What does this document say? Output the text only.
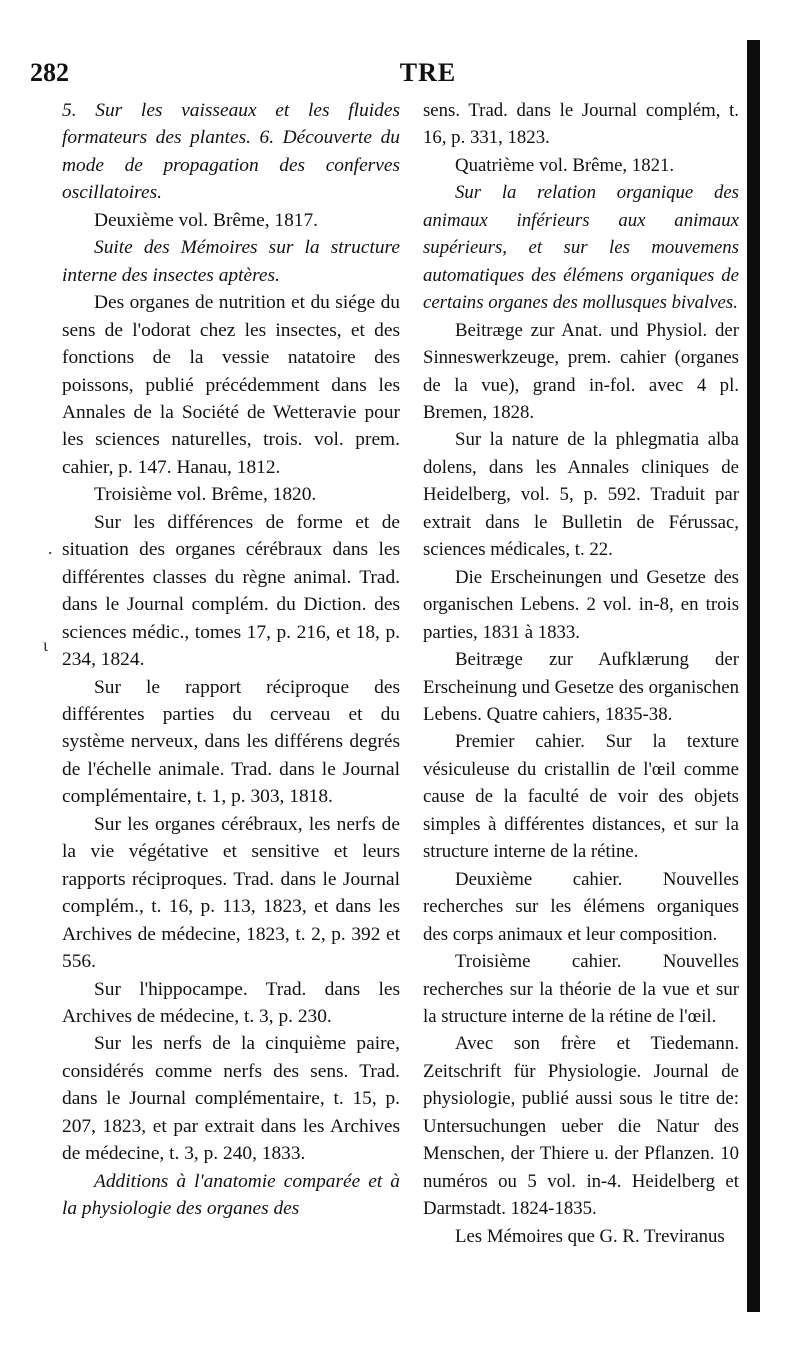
282	TRE

5. Sur les vaisseaux et les fluides formateurs des plantes. 6. Découverte du mode de propagation des conferves oscillatoires.

Deuxième vol. Brême, 1817.

Suite des Mémoires sur la structure interne des insectes aptères.

Des organes de nutrition et du siége du sens de l'odorat chez les insectes, et des fonctions de la vessie natatoire des poissons, publié précédemment dans les Annales de la Société de Wetteravie pour les sciences naturelles, trois. vol. prem. cahier, p. 147. Hanau, 1812.

Troisième vol. Brême, 1820.

Sur les différences de forme et de situation des organes cérébraux dans les différentes classes du règne animal. Trad. dans le Journal complém. du Diction. des sciences médic., tomes 17, p. 216, et 18, p. 234, 1824.

Sur le rapport réciproque des différentes parties du cerveau et du système nerveux, dans les différens degrés de l'échelle animale. Trad. dans le Journal complémentaire, t. 1, p. 303, 1818.

Sur les organes cérébraux, les nerfs de la vie végétative et sensitive et leurs rapports réciproques. Trad. dans le Journal complém., t. 16, p. 113, 1823, et dans les Archives de médecine, 1823, t. 2, p. 392 et 556.

Sur l'hippocampe. Trad. dans les Archives de médecine, t. 3, p. 230.

Sur les nerfs de la cinquième paire, considérés comme nerfs des sens. Trad. dans le Journal complémentaire, t. 15, p. 207, 1823, et par extrait dans les Archives de médecine, t. 3, p. 240, 1833.

Additions à l'anatomie comparée et à la physiologie des organes des

sens. Trad. dans le Journal complém, t. 16, p. 331, 1823.

Quatrième vol. Brême, 1821.

Sur la relation organique des animaux inférieurs aux animaux supérieurs, et sur les mouvemens automatiques des élémens organiques de certains organes des mollusques bivalves.

Beitræge zur Anat. und Physiol. der Sinneswerkzeuge, prem. cahier (organes de la vue), grand in-fol. avec 4 pl. Bremen, 1828.

Sur la nature de la phlegmatia alba dolens, dans les Annales cliniques de Heidelberg, vol. 5, p. 592. Traduit par extrait dans le Bulletin de Férussac, sciences médicales, t. 22.

Die Erscheinungen und Gesetze des organischen Lebens. 2 vol. in-8, en trois parties, 1831 à 1833.

Beitræge zur Aufklærung der Erscheinung und Gesetze des organischen Lebens. Quatre cahiers, 1835-38.

Premier cahier. Sur la texture vésiculeuse du cristallin de l'œil comme cause de la faculté de voir des objets simples à différentes distances, et sur la structure interne de la rétine.

Deuxième cahier. Nouvelles recherches sur les élémens organiques des corps animaux et leur composition.

Troisième cahier. Nouvelles recherches sur la théorie de la vue et sur la structure interne de la rétine de l'œil.

Avec son frère et Tiedemann. Zeitschrift für Physiologie. Journal de physiologie, publié aussi sous le titre de: Untersuchungen ueber die Natur des Menschen, der Thiere u. der Pflanzen. 10 numéros ou 5 vol. in-4. Heidelberg et Darmstadt. 1824-1835.

Les Mémoires que G. R. Treviranus

.
ι
